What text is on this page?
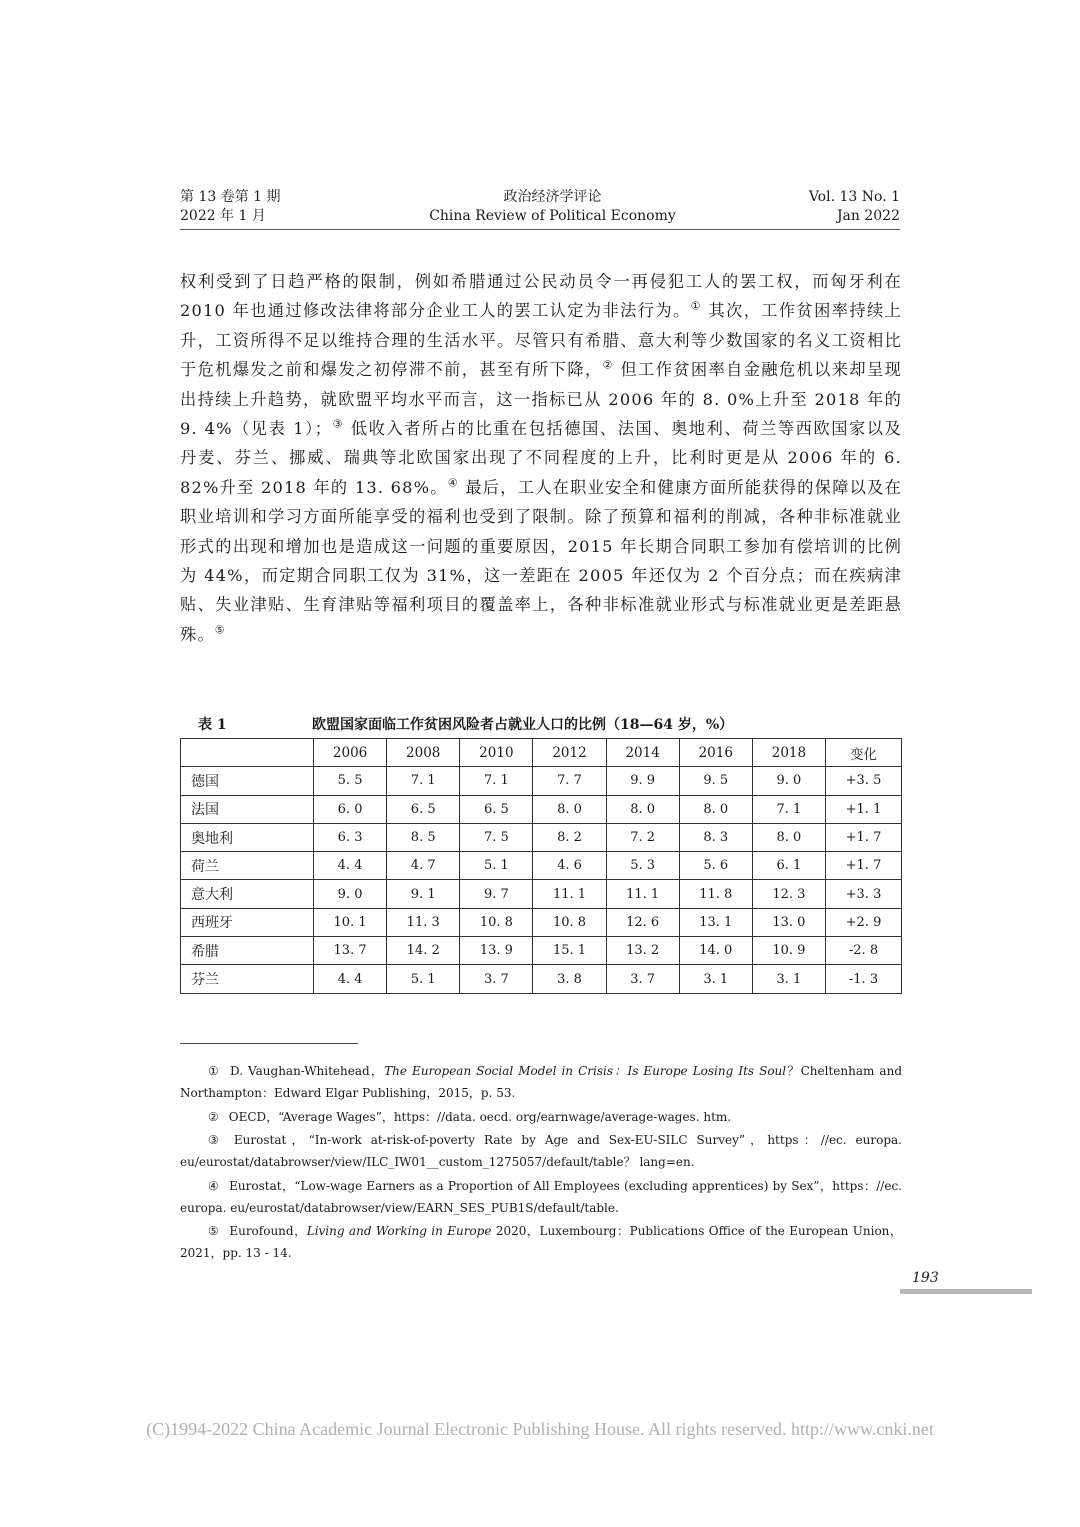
第 13 卷第 1 期
2022 年 1 月
政治经济学评论
China Review of Political Economy
Vol. 13 No. 1
Jan 2022
权利受到了日趋严格的限制，例如希腊通过公民动员令一再侵犯工人的罢工权，而匈牙利在 2010 年也通过修改法律将部分企业工人的罢工认定为非法行为。① 其次，工作贫困率持续上升，工资所得不足以维持合理的生活水平。尽管只有希腊、意大利等少数国家的名义工资相比于危机爆发之前和爆发之初停滞不前，甚至有所下降，② 但工作贫困率自金融危机以来却呈现出持续上升趋势，就欧盟平均水平而言，这一指标已从 2006 年的 8. 0%上升至 2018 年的 9. 4%（见表 1）；③ 低收入者所占的比重在包括德国、法国、奥地利、荷兰等西欧国家以及丹麦、芬兰、挪威、瑞典等北欧国家出现了不同程度的上升，比利时更是从 2006 年的 6. 82%升至 2018 年的 13. 68%。④ 最后，工人在职业安全和健康方面所能获得的保障以及在职业培训和学习方面所能享受的福利也受到了限制。除了预算和福利的削减，各种非标准就业形式的出现和增加也是造成这一问题的重要原因，2015 年长期合同职工参加有偿培训的比例为 44%，而定期合同职工仅为 31%，这一差距在 2005 年还仅为 2 个百分点；而在疾病津贴、失业津贴、生育津贴等福利项目的覆盖率上，各种非标准就业形式与标准就业更是差距悬殊。⑤
表 1	欧盟国家面临工作贫困风险者占就业人口的比例（18—64 岁，%）
	2006	2008	2010	2012	2014	2016	2018	变化
德国	5. 5	7. 1	7. 1	7. 7	9. 9	9. 5	9. 0	+3. 5
法国	6. 0	6. 5	6. 5	8. 0	8. 0	8. 0	7. 1	+1. 1
奥地利	6. 3	8. 5	7. 5	8. 2	7. 2	8. 3	8. 0	+1. 7
荷兰	4. 4	4. 7	5. 1	4. 6	5. 3	5. 6	6. 1	+1. 7
意大利	9. 0	9. 1	9. 7	11. 1	11. 1	11. 8	12. 3	+3. 3
西班牙	10. 1	11. 3	10. 8	10. 8	12. 6	13. 1	13. 0	+2. 9
希腊	13. 7	14. 2	13. 9	15. 1	13. 2	14. 0	10. 9	-2. 8
芬兰	4. 4	5. 1	3. 7	3. 8	3. 7	3. 1	3. 1	-1. 3
① D. Vaughan-Whitehead，The European Social Model in Crisis：Is Europe Losing Its Soul？Cheltenham and Northampton：Edward Elgar Publishing，2015，p. 53.
② OECD，“Average Wages”，https：//data. oecd. org/earnwage/average-wages. htm.
③ Eurostat，“In-work at-risk-of-poverty Rate by Age and Sex-EU-SILC Survey”，https：//ec. europa. eu/eurostat/databrowser/view/ILC_IW01__custom_1275057/default/table？ lang=en.
④ Eurostat，“Low-wage Earners as a Proportion of All Employees (excluding apprentices) by Sex”，https：//ec. europa. eu/eurostat/databrowser/view/EARN_SES_PUB1S/default/table.
⑤ Eurofound，Living and Working in Europe 2020，Luxembourg：Publications Office of the European Union，2021，pp. 13 - 14.
193
(C)1994-2022 China Academic Journal Electronic Publishing House. All rights reserved. http://www.cnki.net
